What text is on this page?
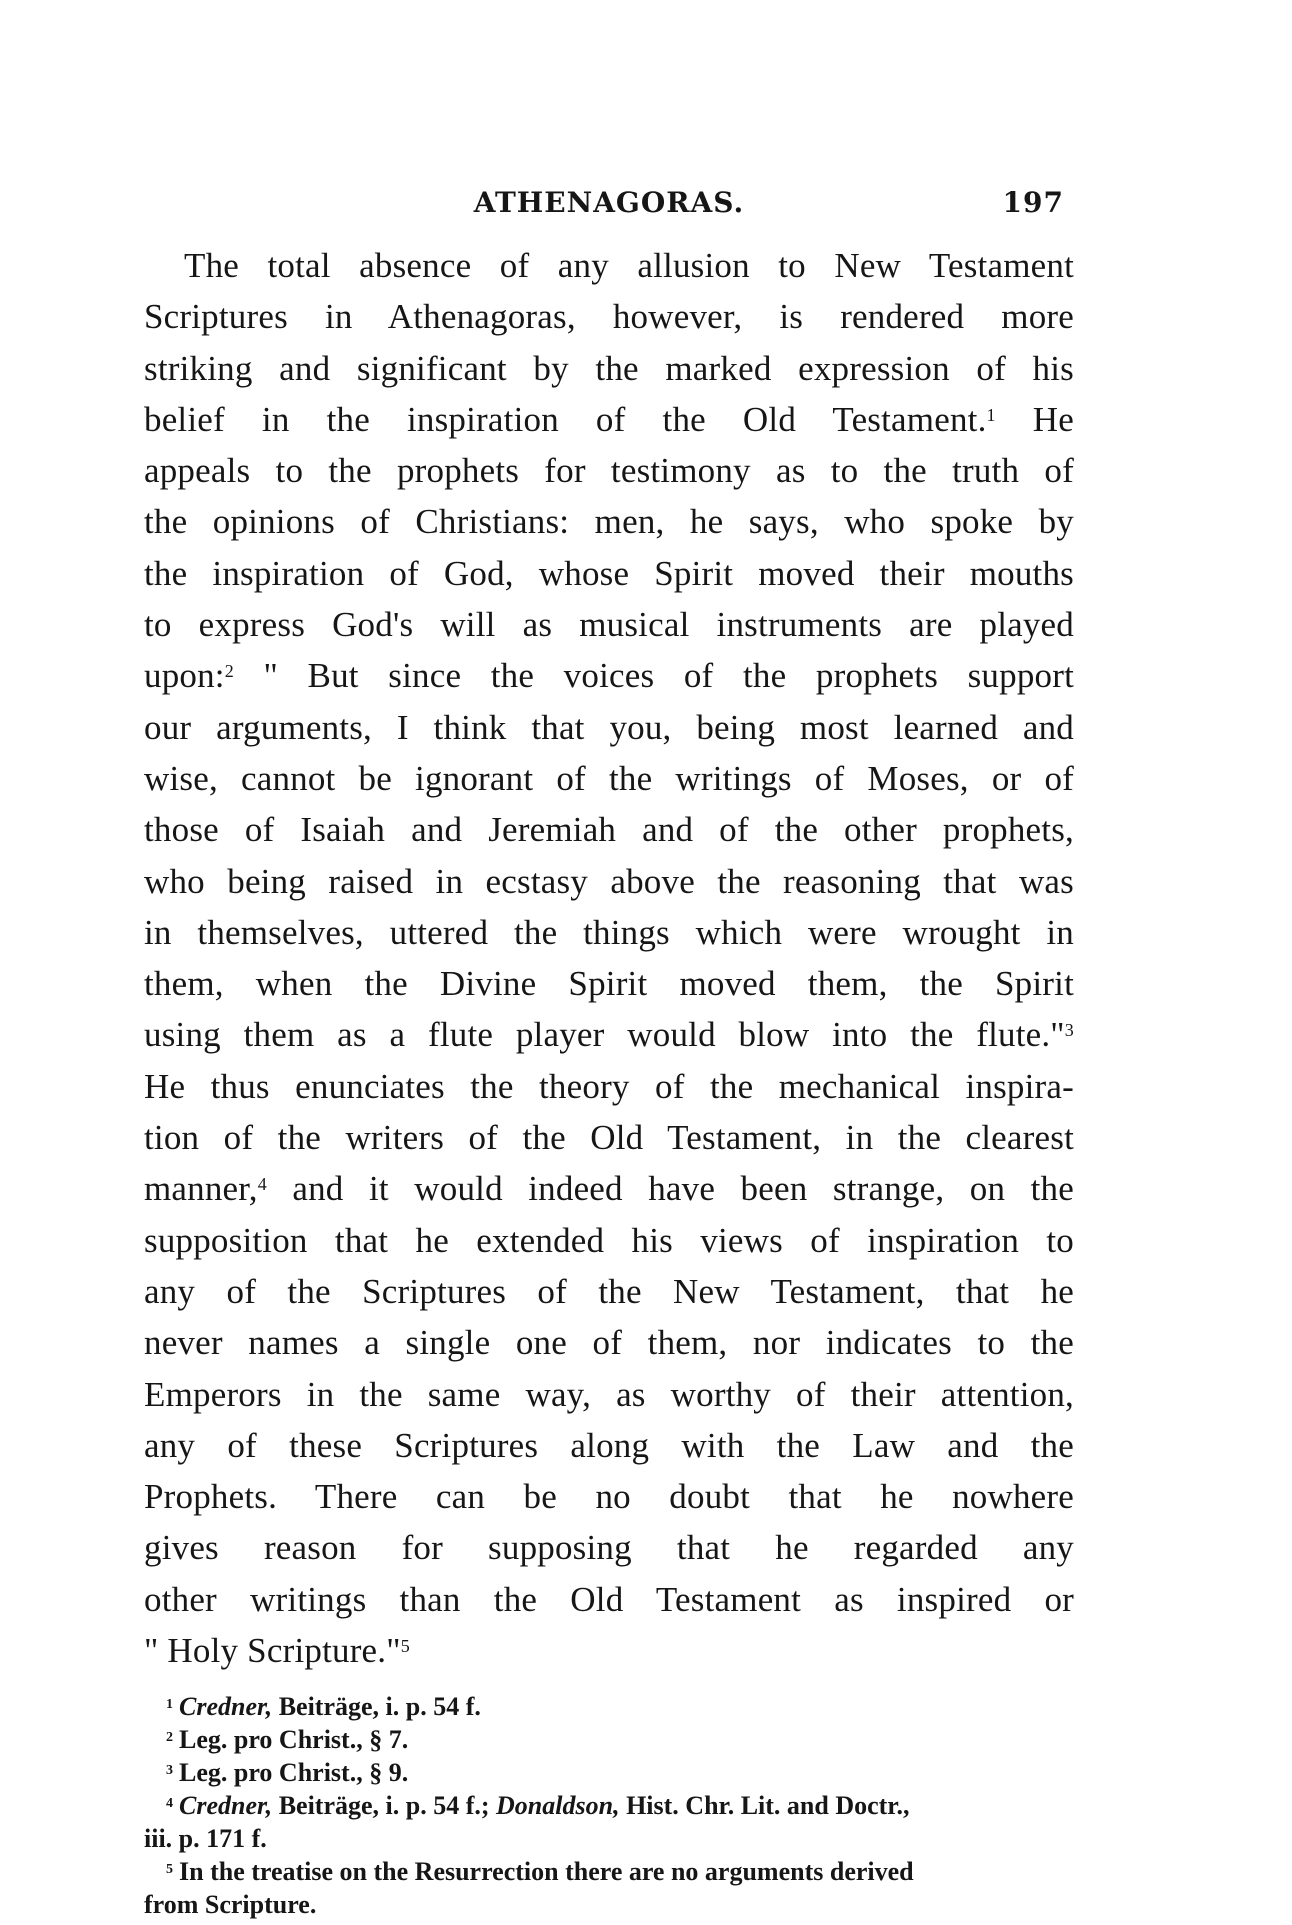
ATHENAGORAS.	197
The total absence of any allusion to New Testament
Scriptures in Athenagoras, however, is rendered more
striking and significant by the marked expression of his
belief in the inspiration of the Old Testament.$^1$ He
appeals to the prophets for testimony as to the truth of
the opinions of Christians: men, he says, who spoke by
the inspiration of God, whose Spirit moved their mouths
to express God's will as musical instruments are played
upon:$^2$ " But since the voices of the prophets support
our arguments, I think that you, being most learned and
wise, cannot be ignorant of the writings of Moses, or of
those of Isaiah and Jeremiah and of the other prophets,
who being raised in ecstasy above the reasoning that was
in themselves, uttered the things which were wrought in
them, when the Divine Spirit moved them, the Spirit
using them as a flute player would blow into the flute."$^3$
He thus enunciates the theory of the mechanical inspira-
tion of the writers of the Old Testament, in the clearest
manner,$^4$ and it would indeed have been strange, on the
supposition that he extended his views of inspiration to
any of the Scriptures of the New Testament, that he
never names a single one of them, nor indicates to the
Emperors in the same way, as worthy of their attention,
any of these Scriptures along with the Law and the
Prophets. There can be no doubt that he nowhere
gives reason for supposing that he regarded any
other writings than the Old Testament as inspired or
" Holy Scripture."$^5$
$^1$ Credner, Beiträge, i. p. 54 f.
$^2$ Leg. pro Christ., § 7.
$^3$ Leg. pro Christ., § 9.
$^4$ Credner, Beiträge, i. p. 54 f.; Donaldson, Hist. Chr. Lit. and Doctr.,
iii. p. 171 f.
$^5$ In the treatise on the Resurrection there are no arguments derived
from Scripture.
